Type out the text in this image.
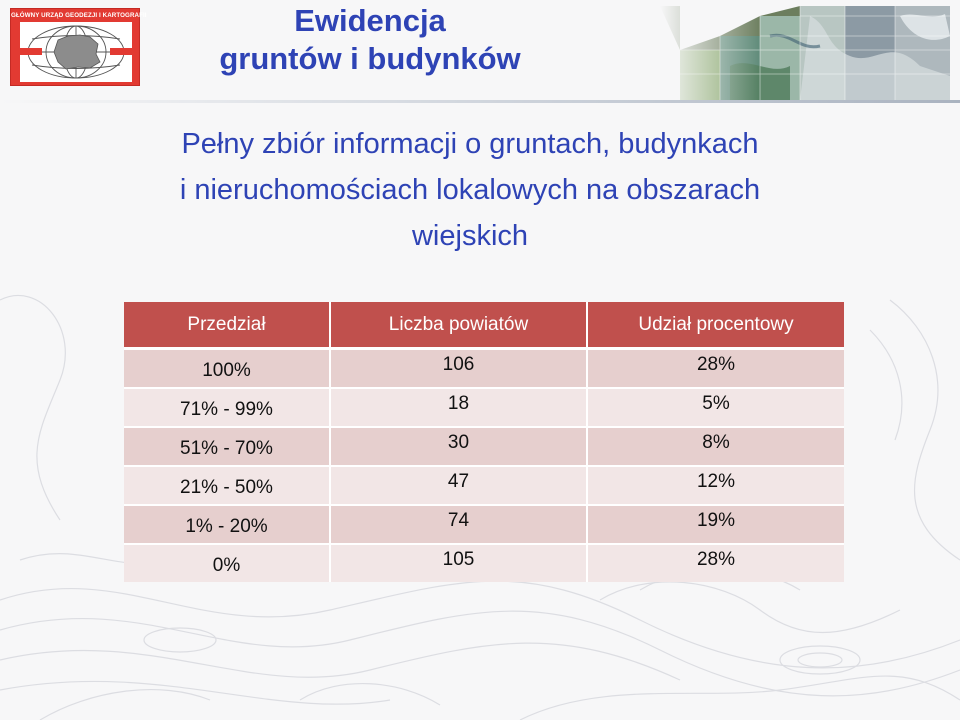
GŁÓWNY URZĄD GEODEZJI I KARTOGRAFII	Ewidencja
gruntów i budynków
Pełny zbiór informacji o gruntach, budynkach
i nieruchomościach lokalowych na obszarach
wiejskich
Przedział	Liczba powiatów	Udział procentowy
100%	106	28%
71% - 99%	18	5%
51% - 70%	30	8%
21% - 50%	47	12%
1% - 20%	74	19%
0%	105	28%
